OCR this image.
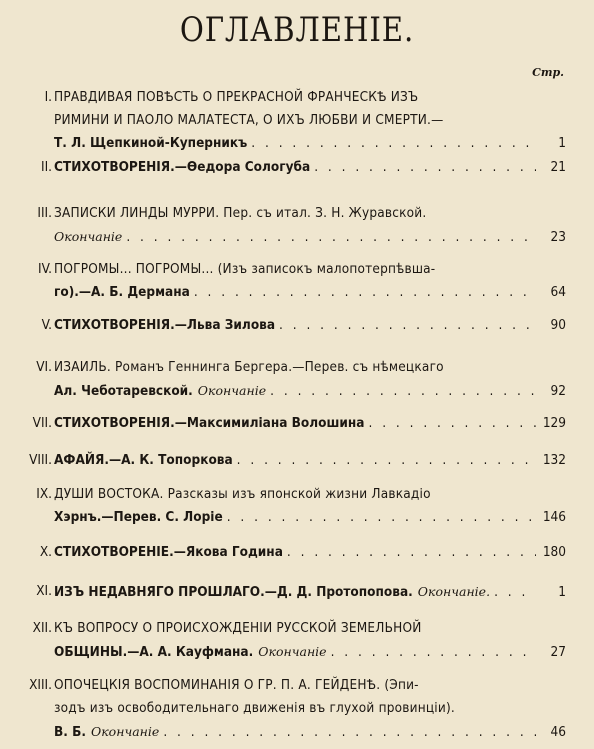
ОГЛАВЛЕНІЕ.
Стр.
I. ПРАВДИВАЯ ПОВѢСТЬ О ПРЕКРАСНОЙ ФРАНЧЕСКѢ ИЗЪ
РИМИНИ И ПАОЛО МАЛАТЕСТА, О ИХЪ ЛЮБВИ И СМЕРТИ.—
Т. Л. Щепкиной-Куперникъ . . .	1
II. СТИХОТВОРЕНІЯ.—Өедора Сологуба . . .	21
III. ЗАПИСКИ ЛИНДЫ МУРРИ. Пер. съ итал. З. Н. Журавской.
Окончаніе . . .	23
IV. ПОГРОМЫ... ПОГРОМЫ... (Изъ записокъ малопотерпѣвша-
го).—А. Б. Дермана . . .	64
V. СТИХОТВОРЕНІЯ.—Льва Зилова . . .	90
VI. ИЗАИЛЬ. Романъ Геннинга Бергера.—Перев. съ нѣмецкаго
Ал. Чеботаревской. Окончаніе . . .	92
VII. СТИХОТВОРЕНІЯ.—Максимиліана Волошина . . .	129
VIII. АФАЙЯ.—А. К. Топоркова . . .	132
IX. ДУШИ ВОСТОКА. Разсказы изъ японской жизни Лавкадіо
Хэрнъ.—Перев. С. Лоріе . . .	146
X. СТИХОТВОРЕНІЕ.—Якова Година . . .	180
XI. ИЗЪ НЕДАВНЯГО ПРОШЛАГО.—Д. Д. Протопопова. Окончаніе. . . .	1
XII. КЪ ВОПРОСУ О ПРОИСХОЖДЕНІИ РУССКОЙ ЗЕМЕЛЬНОЙ
ОБЩИНЫ.—А. А. Кауфмана. Окончаніе . . .	27
XIII. ОПОЧЕЦКІЯ ВОСПОМИНАНІЯ О ГР. П. А. ГЕЙДЕНѢ. (Эпи-
зодъ изъ освободительнаго движенія въ глухой провинціи).
В. Б. Окончаніе . . .	46
